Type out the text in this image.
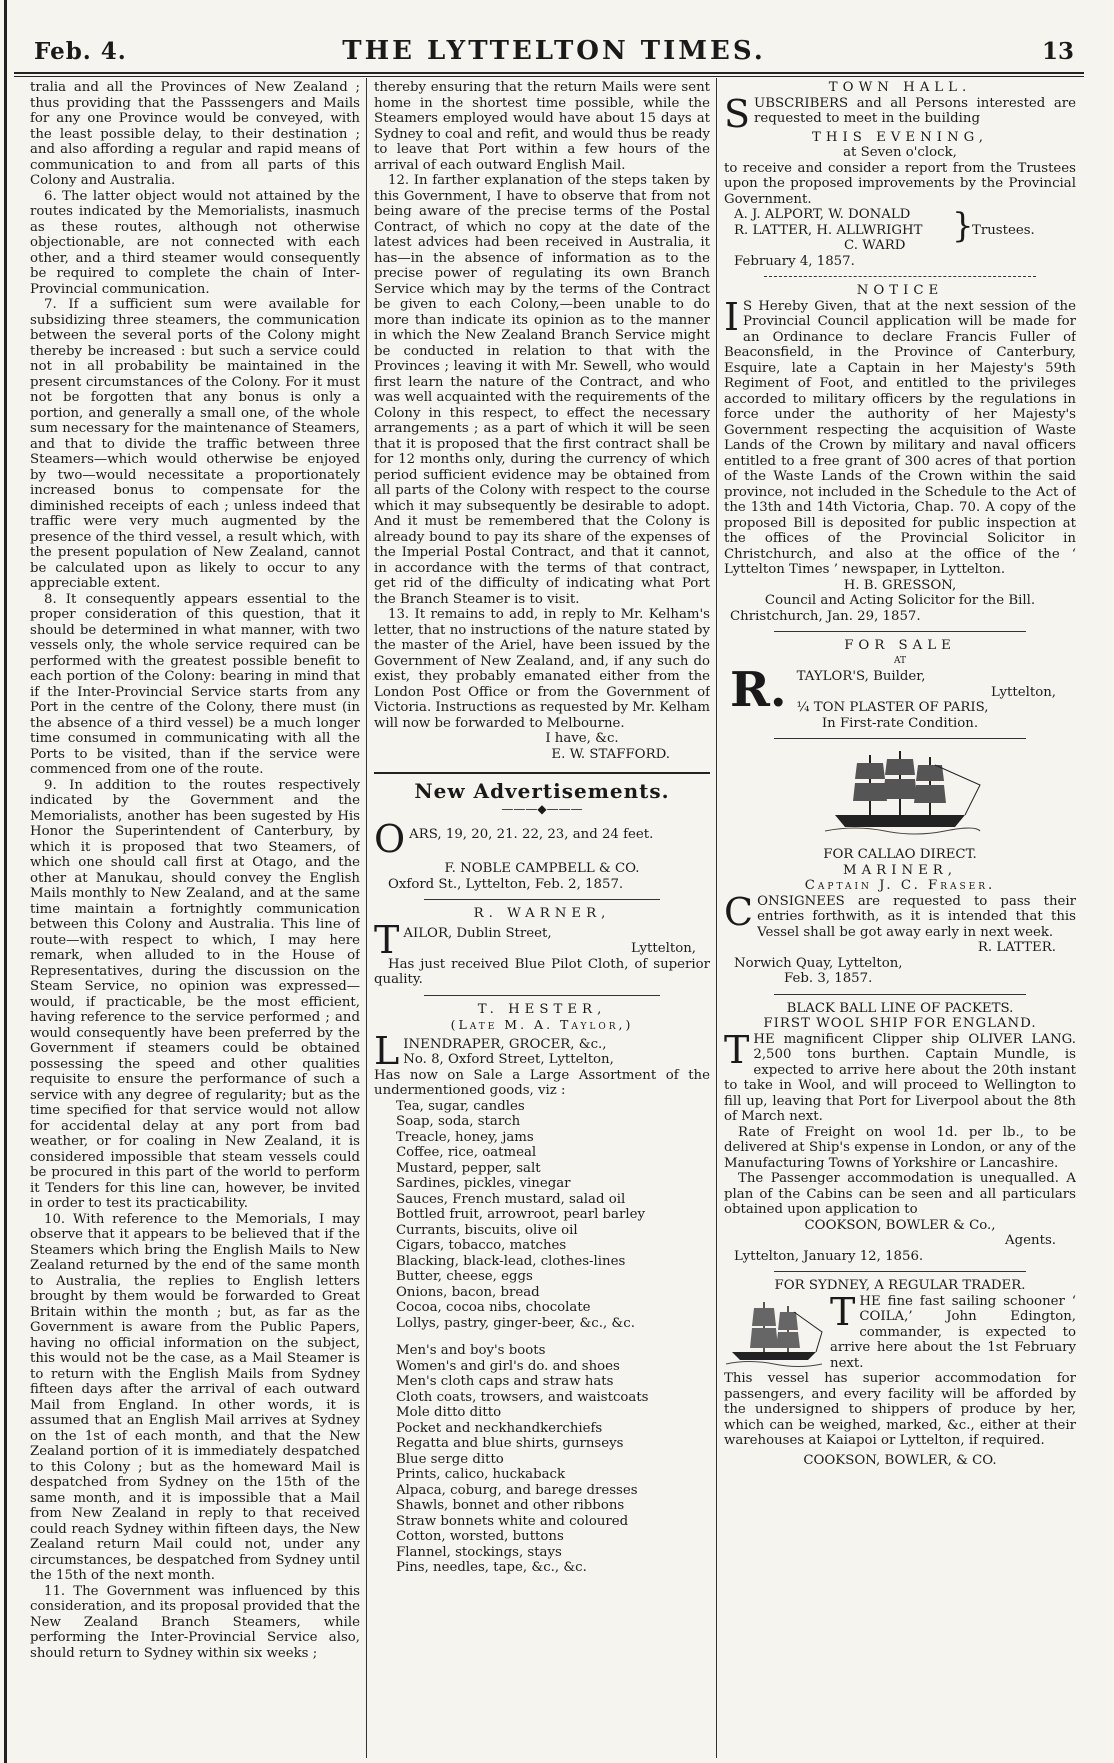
Feb. 4.	THE LYTTELTON TIMES.	13

tralia and all the Provinces of New Zealand ; thus providing that the Passsengers and Mails for any one Province would be conveyed, with the least possible delay, to their destination ; and also affording a regular and rapid means of communication to and from all parts of this Colony and Australia.

6. The latter object would not attained by the routes indicated by the Memorialists, inasmuch as these routes, although not otherwise objectionable, are not connected with each other, and a third steamer would consequently be required to complete the chain of Inter-Provincial communication.

7. If a sufficient sum were available for subsidizing three steamers, the communication between the several ports of the Colony might thereby be increased : but such a service could not in all probability be maintained in the present circumstances of the Colony. For it must not be forgotten that any bonus is only a portion, and generally a small one, of the whole sum necessary for the maintenance of Steamers, and that to divide the traffic between three Steamers—which would otherwise be enjoyed by two—would necessitate a proportionately increased bonus to compensate for the diminished receipts of each ; unless indeed that traffic were very much augmented by the presence of the third vessel, a result which, with the present population of New Zealand, cannot be calculated upon as likely to occur to any appreciable extent.

8. It consequently appears essential to the proper consideration of this question, that it should be determined in what manner, with two vessels only, the whole service required can be performed with the greatest possible benefit to each portion of the Colony: bearing in mind that if the Inter-Provincial Service starts from any Port in the centre of the Colony, there must (in the absence of a third vessel) be a much longer time consumed in communicating with all the Ports to be visited, than if the service were commenced from one of the route.

9. In addition to the routes respectively indicated by the Government and the Memorialists, another has been sugested by His Honor the Superintendent of Canterbury, by which it is proposed that two Steamers, of which one should call first at Otago, and the other at Manukau, should convey the English Mails monthly to New Zealand, and at the same time maintain a fortnightly communication between this Colony and Australia. This line of route—with respect to which, I may here remark, when alluded to in the House of Representatives, during the discussion on the Steam Service, no opinion was expressed—would, if practicable, be the most efficient, having reference to the service performed ; and would consequently have been preferred by the Government if steamers could be obtained possessing the speed and other qualities requisite to ensure the performance of such a service with any degree of regularity; but as the time specified for that service would not allow for accidental delay at any port from bad weather, or for coaling in New Zealand, it is considered impossible that steam vessels could be procured in this part of the world to perform it Tenders for this line can, however, be invited in order to test its practicability.

10. With reference to the Memorials, I may observe that it appears to be believed that if the Steamers which bring the English Mails to New Zealand returned by the end of the same month to Australia, the replies to English letters brought by them would be forwarded to Great Britain within the month ; but, as far as the Government is aware from the Public Papers, having no official information on the subject, this would not be the case, as a Mail Steamer is to return with the English Mails from Sydney fifteen days after the arrival of each outward Mail from England. In other words, it is assumed that an English Mail arrives at Sydney on the 1st of each month, and that the New Zealand portion of it is immediately despatched to this Colony ; but as the homeward Mail is despatched from Sydney on the 15th of the same month, and it is impossible that a Mail from New Zealand in reply to that received could reach Sydney within fifteen days, the New Zealand return Mail could not, under any circumstances, be despatched from Sydney until the 15th of the next month.

11. The Government was influenced by this consideration, and its proposal provided that the New Zealand Branch Steamers, while performing the Inter-Provincial Service also, should return to Sydney within six weeks ;

thereby ensuring that the return Mails were sent home in the shortest time possible, while the Steamers employed would have about 15 days at Sydney to coal and refit, and would thus be ready to leave that Port within a few hours of the arrival of each outward English Mail.

12. In farther explanation of the steps taken by this Government, I have to observe that from not being aware of the precise terms of the Postal Contract, of which no copy at the date of the latest advices had been received in Australia, it has—in the absence of information as to the precise power of regulating its own Branch Service which may by the terms of the Contract be given to each Colony,—been unable to do more than indicate its opinion as to the manner in which the New Zealand Branch Service might be conducted in relation to that with the Provinces ; leaving it with Mr. Sewell, who would first learn the nature of the Contract, and who was well acquainted with the requirements of the Colony in this respect, to effect the necessary arrangements ; as a part of which it will be seen that it is proposed that the first contract shall be for 12 months only, during the currency of which period sufficient evidence may be obtained from all parts of the Colony with respect to the course which it may subsequently be desirable to adopt. And it must be remembered that the Colony is already bound to pay its share of the expenses of the Imperial Postal Contract, and that it cannot, in accordance with the terms of that contract, get rid of the difficulty of indicating what Port the Branch Steamer is to visit.

13. It remains to add, in reply to Mr. Kelham's letter, that no instructions of the nature stated by the master of the Ariel, have been issued by the Government of New Zealand, and, if any such do exist, they probably emanated either from the London Post Office or from the Government of Victoria. Instructions as requested by Mr. Kelham will now be forwarded to Melbourne.

I have, &c.

E. W. STAFFORD.

New Advertisements.
———◆———
O ARS, 19, 20, 21. 22, 23, and 24 feet.
F. NOBLE CAMPBELL & CO.
Oxford St., Lyttelton, Feb. 2, 1857.
R. WARNER,
T AILOR, Dublin Street,
Lyttelton,

Has just received Blue Pilot Cloth, of superior quality.

T. HESTER,
(Late M. A. Taylor,)
L INENDRAPER, GROCER, &c.,
No. 8, Oxford Street, Lyttelton,

Has now on Sale a Large Assortment of the undermentioned goods, viz :

Tea, sugar, candles
Soap, soda, starch
Treacle, honey, jams
Coffee, rice, oatmeal
Mustard, pepper, salt
Sardines, pickles, vinegar
Sauces, French mustard, salad oil
Bottled fruit, arrowroot, pearl barley
Currants, biscuits, olive oil
Cigars, tobacco, matches
Blacking, black-lead, clothes-lines
Butter, cheese, eggs
Onions, bacon, bread
Cocoa, cocoa nibs, chocolate
Lollys, pastry, ginger-beer, &c., &c.
Men's and boy's boots
Women's and girl's do. and shoes
Men's cloth caps and straw hats
Cloth coats, trowsers, and waistcoats
Mole ditto ditto
Pocket and neckhandkerchiefs
Regatta and blue shirts, gurnseys
Blue serge ditto
Prints, calico, huckaback
Alpaca, coburg, and barege dresses
Shawls, bonnet and other ribbons
Straw bonnets white and coloured
Cotton, worsted, buttons
Flannel, stockings, stays
Pins, needles, tape, &c., &c.
TOWN HALL.
S UBSCRIBERS and all Persons interested are requested to meet in the building
THIS EVENING,
at Seven o'clock,

to receive and consider a report from the Trustees upon the proposed improvements by the Provincial Government.

A. J. ALPORT, W. DONALD
R. LATTER, H. ALLWRIGHT
C. WARD	}
Trustees.
February 4, 1857.
NOTICE
I S Hereby Given, that at the next session of the Provincial Council application will be made for an Ordinance to declare Francis Fuller of Beaconsfield, in the Province of Canterbury, Esquire, late a Captain in her Majesty's 59th Regiment of Foot, and entitled to the privileges accorded to military officers by the regulations in force under the authority of her Majesty's Government respecting the acquisition of Waste Lands of the Crown by military and naval officers entitled to a free grant of 300 acres of that portion of the Waste Lands of the Crown within the said province, not included in the Schedule to the Act of the 13th and 14th Victoria, Chap. 70. A copy of the proposed Bill is deposited for public inspection at the offices of the Provincial Solicitor in Christchurch, and also at the office of the ‘ Lyttelton Times ’ newspaper, in Lyttelton.
H. B. GRESSON,
Council and Acting Solicitor for the Bill.
Christchurch, Jan. 29, 1857.
FOR SALE
AT
R. TAYLOR'S, Builder,
Lyttelton,
¼ TON PLASTER OF PARIS,
In First-rate Condition.
FOR CALLAO DIRECT.
MARINER,
Captain J. C. Fraser.
C ONSIGNEES are requested to pass their entries forthwith, as it is intended that this Vessel shall be got away early in next week.
R. LATTER.
Norwich Quay, Lyttelton,
Feb. 3, 1857.
BLACK BALL LINE OF PACKETS.
FIRST WOOL SHIP FOR ENGLAND.
T HE magnificent Clipper ship OLIVER LANG. 2,500 tons burthen. Captain Mundle, is expected to arrive here about the 20th instant to take in Wool, and will proceed to Wellington to fill up, leaving that Port for Liverpool about the 8th of March next.

Rate of Freight on wool 1d. per lb., to be delivered at Ship's expense in London, or any of the Manufacturing Towns of Yorkshire or Lancashire.

The Passenger accommodation is unequalled. A plan of the Cabins can be seen and all particulars obtained upon application to

COOKSON, BOWLER & Co.,
Agents.
Lyttelton, January 12, 1856.
FOR SYDNEY, A REGULAR TRADER.
T HE fine fast sailing schooner ‘ COILA,’ John Edington, commander, is expected to arrive here about the 1st February next.

This vessel has superior accommodation for passengers, and every facility will be afforded by the undersigned to shippers of produce by her, which can be weighed, marked, &c., either at their warehouses at Kaiapoi or Lyttelton, if required.

COOKSON, BOWLER, & CO.
